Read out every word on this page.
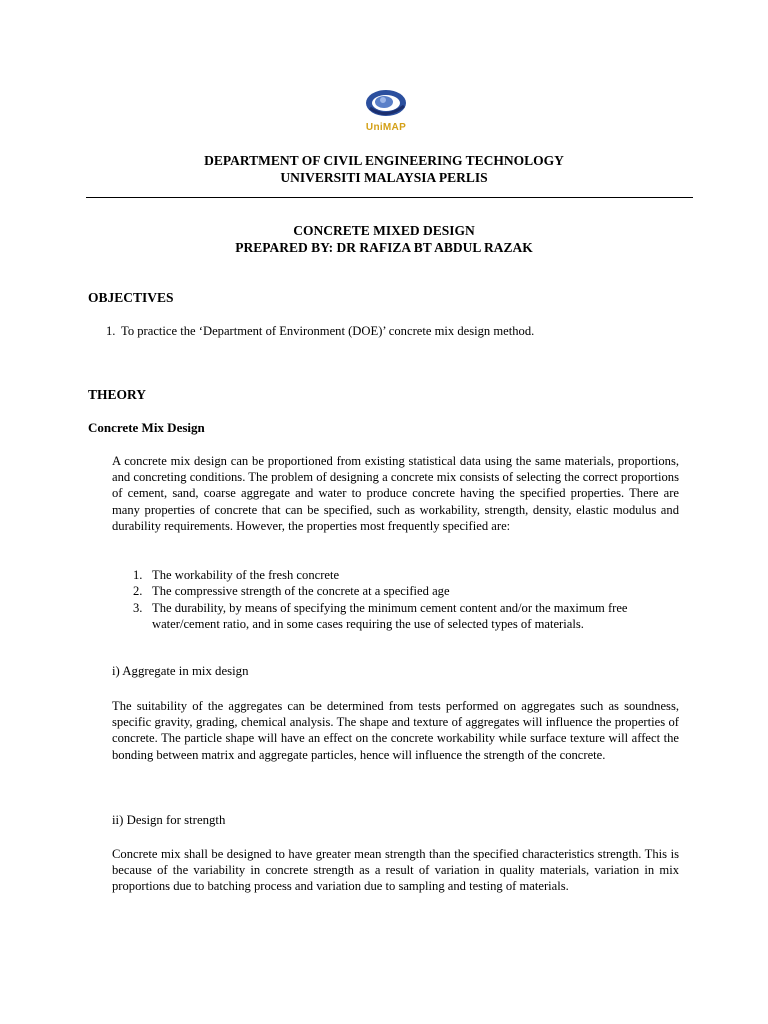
UniMAP
DEPARTMENT OF CIVIL ENGINEERING TECHNOLOGY
UNIVERSITI MALAYSIA PERLIS
CONCRETE MIXED DESIGN
PREPARED BY: DR RAFIZA BT ABDUL RAZAK
OBJECTIVES
1. To practice the ‘Department of Environment (DOE)’ concrete mix design method.
THEORY
Concrete Mix Design
A concrete mix design can be proportioned from existing statistical data using the same materials, proportions, and concreting conditions. The problem of designing a concrete mix consists of selecting the correct proportions of cement, sand, coarse aggregate and water to produce concrete having the specified properties. There are many properties of concrete that can be specified, such as workability, strength, density, elastic modulus and durability requirements. However, the properties most frequently specified are:
1. The workability of the fresh concrete
2. The compressive strength of the concrete at a specified age
3. The durability, by means of specifying the minimum cement content and/or the maximum free water/cement ratio, and in some cases requiring the use of selected types of materials.
i) Aggregate in mix design
The suitability of the aggregates can be determined from tests performed on aggregates such as soundness, specific gravity, grading, chemical analysis. The shape and texture of aggregates will influence the properties of concrete. The particle shape will have an effect on the concrete workability while surface texture will affect the bonding between matrix and aggregate particles, hence will influence the strength of the concrete.
ii) Design for strength
Concrete mix shall be designed to have greater mean strength than the specified characteristics strength. This is because of the variability in concrete strength as a result of variation in quality materials, variation in mix proportions due to batching process and variation due to sampling and testing of materials.
